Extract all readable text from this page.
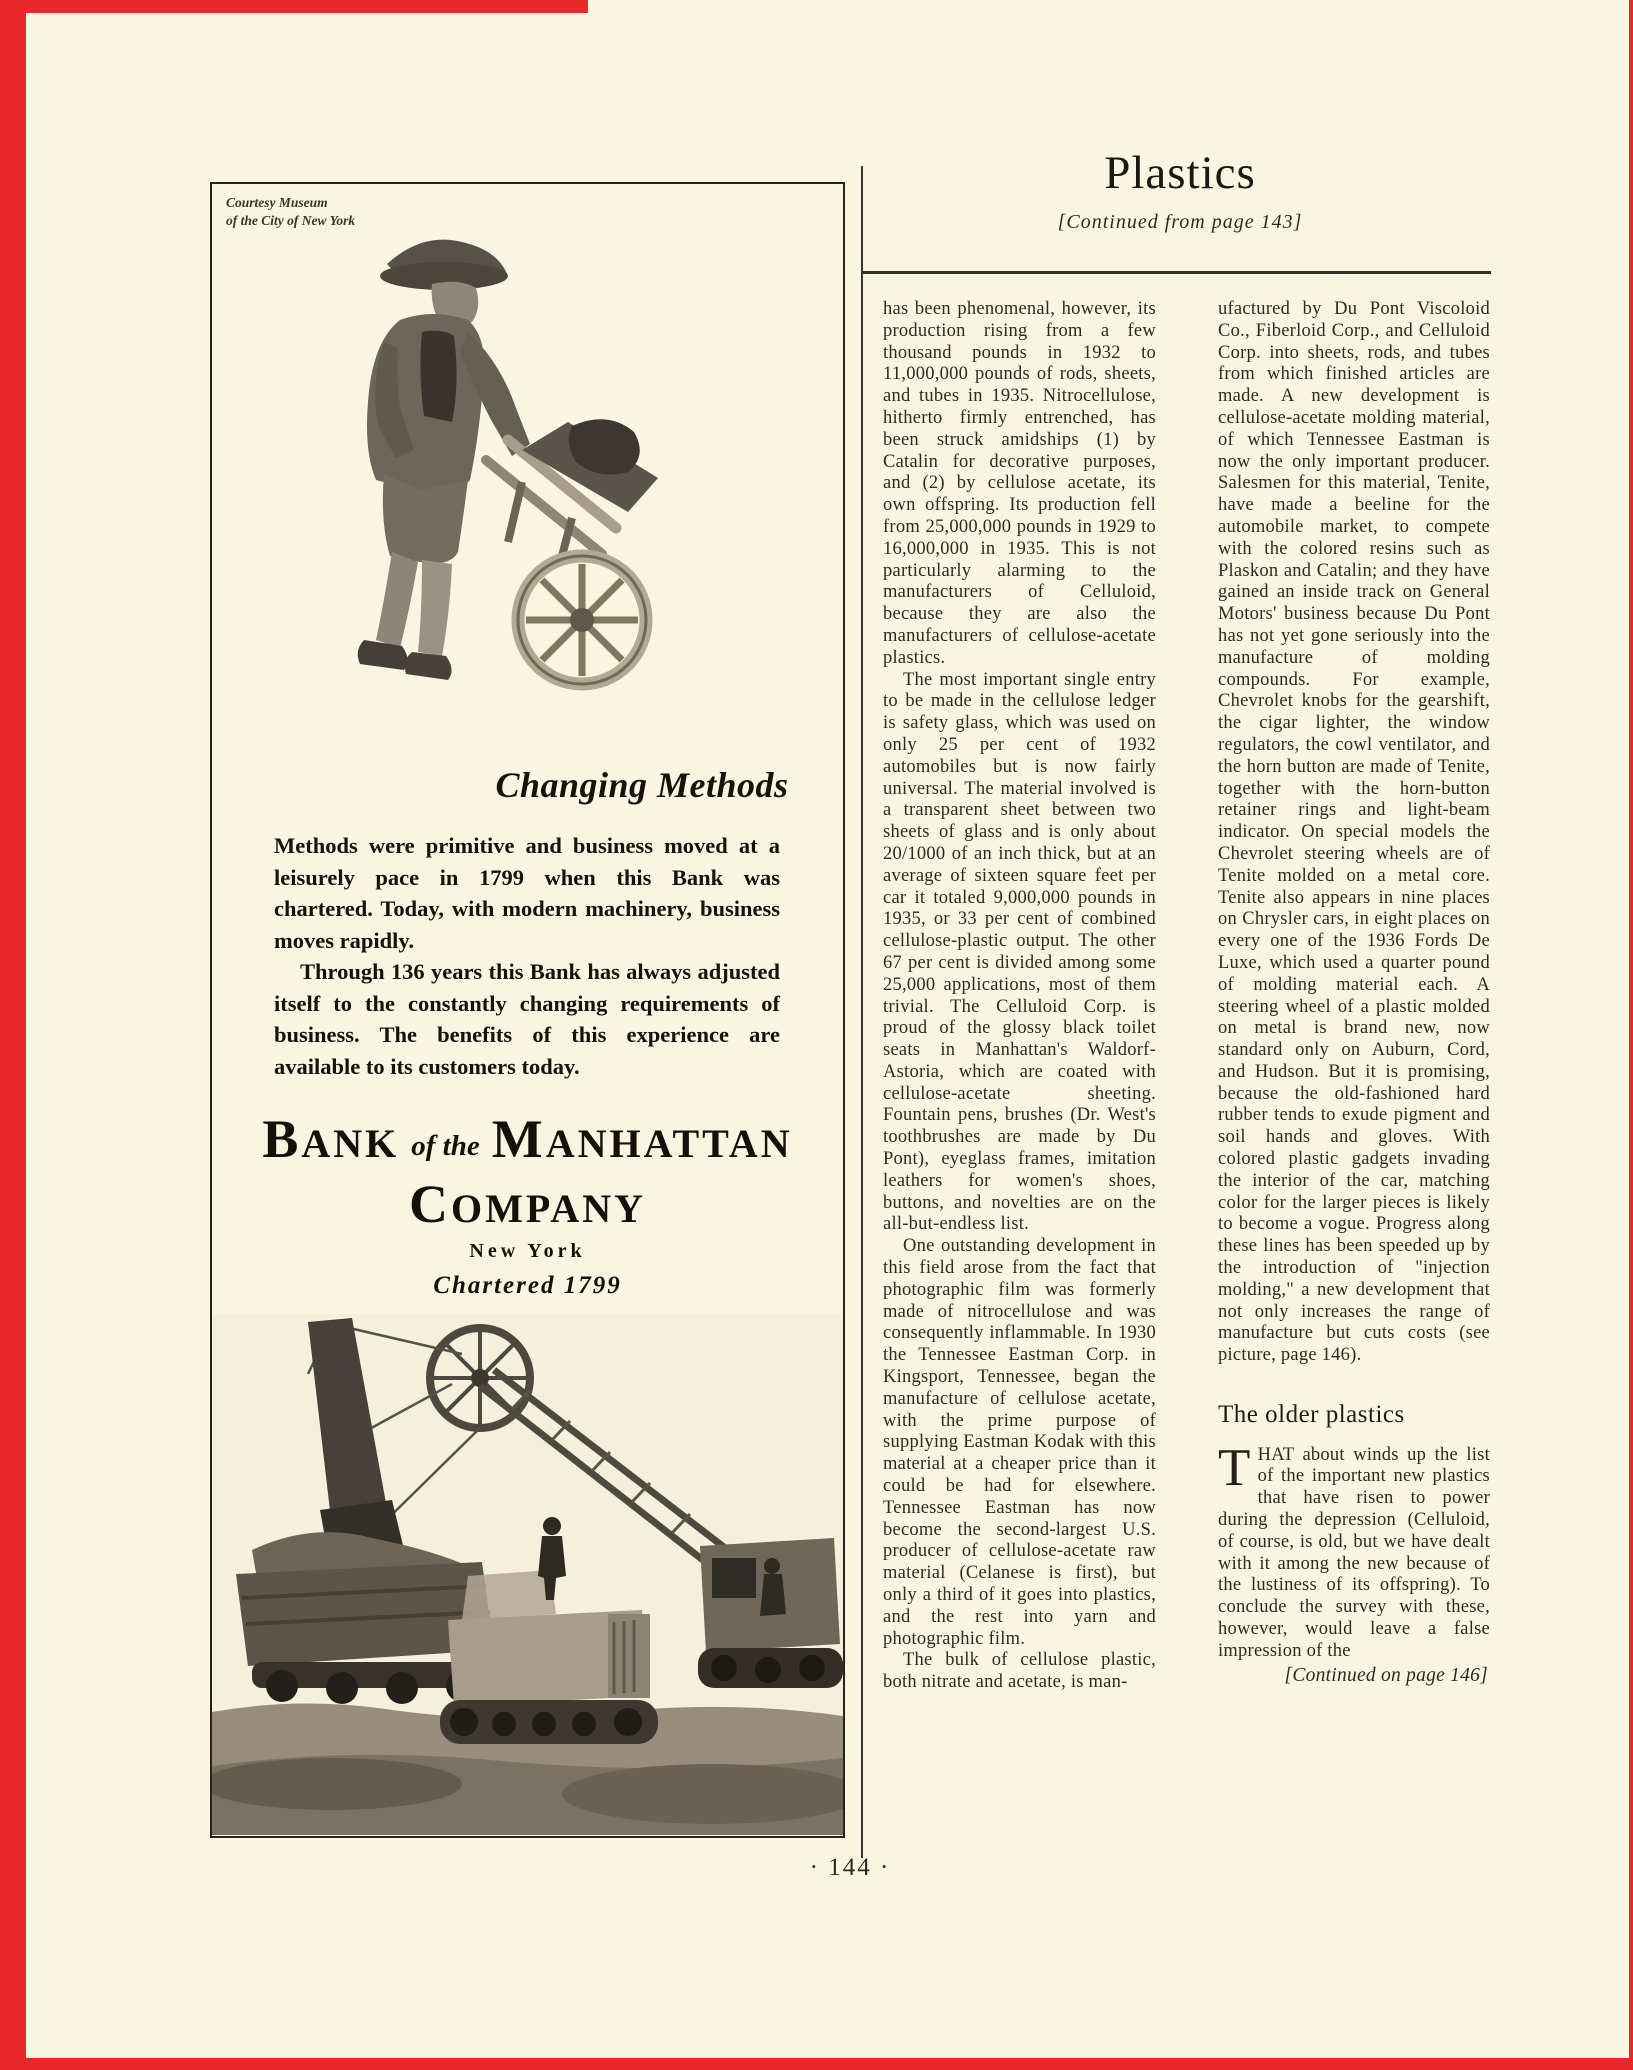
Courtesy Museum
of the City of New York
Changing Methods

Methods were primitive and business moved at a leisurely pace in 1799 when this Bank was chartered. Today, with modern machinery, business moves rapidly.

Through 136 years this Bank has always adjusted itself to the constantly changing requirements of business. The benefits of this experience are available to its customers today.

BANK of the MANHATTAN
COMPANY
New York
Chartered 1799
Plastics
[Continued from page 143]

has been phenomenal, however, its production rising from a few thousand pounds in 1932 to 11,000,000 pounds of rods, sheets, and tubes in 1935. Nitrocellulose, hitherto firmly entrenched, has been struck amidships (1) by Catalin for decorative purposes, and (2) by cellulose acetate, its own offspring. Its production fell from 25,000,000 pounds in 1929 to 16,000,000 in 1935. This is not particularly alarming to the manufacturers of Celluloid, because they are also the manufacturers of cellulose-acetate plastics.

The most important single entry to be made in the cellulose ledger is safety glass, which was used on only 25 per cent of 1932 automobiles but is now fairly universal. The material involved is a transparent sheet between two sheets of glass and is only about 20/1000 of an inch thick, but at an average of sixteen square feet per car it totaled 9,000,000 pounds in 1935, or 33 per cent of combined cellulose-plastic output. The other 67 per cent is divided among some 25,000 applications, most of them trivial. The Celluloid Corp. is proud of the glossy black toilet seats in Manhattan's Waldorf-Astoria, which are coated with cellulose-acetate sheeting. Fountain pens, brushes (Dr. West's toothbrushes are made by Du Pont), eyeglass frames, imitation leathers for women's shoes, buttons, and novelties are on the all-but-endless list.

One outstanding development in this field arose from the fact that photographic film was formerly made of nitrocellulose and was consequently inflammable. In 1930 the Tennessee Eastman Corp. in Kingsport, Tennessee, began the manufacture of cellulose acetate, with the prime purpose of supplying Eastman Kodak with this material at a cheaper price than it could be had for elsewhere. Tennessee Eastman has now become the second-largest U.S. producer of cellulose-acetate raw material (Celanese is first), but only a third of it goes into plastics, and the rest into yarn and photographic film.

The bulk of cellulose plastic, both nitrate and acetate, is man-

ufactured by Du Pont Viscoloid Co., Fiberloid Corp., and Celluloid Corp. into sheets, rods, and tubes from which finished articles are made. A new development is cellulose-acetate molding material, of which Tennessee Eastman is now the only important producer. Salesmen for this material, Tenite, have made a beeline for the automobile market, to compete with the colored resins such as Plaskon and Catalin; and they have gained an inside track on General Motors' business because Du Pont has not yet gone seriously into the manufacture of molding compounds. For example, Chevrolet knobs for the gearshift, the cigar lighter, the window regulators, the cowl ventilator, and the horn button are made of Tenite, together with the horn-button retainer rings and light-beam indicator. On special models the Chevrolet steering wheels are of Tenite molded on a metal core. Tenite also appears in nine places on Chrysler cars, in eight places on every one of the 1936 Fords De Luxe, which used a quarter pound of molding material each. A steering wheel of a plastic molded on metal is brand new, now standard only on Auburn, Cord, and Hudson. But it is promising, because the old-fashioned hard rubber tends to exude pigment and soil hands and gloves. With colored plastic gadgets invading the interior of the car, matching color for the larger pieces is likely to become a vogue. Progress along these lines has been speeded up by the introduction of "injection molding," a new development that not only increases the range of manufacture but cuts costs (see picture, page 146).

The older plastics

THAT about winds up the list of the important new plastics that have risen to power during the depression (Celluloid, of course, is old, but we have dealt with it among the new because of the lustiness of its offspring). To conclude the survey with these, however, would leave a false impression of the

[Continued on page 146]
· 144 ·
